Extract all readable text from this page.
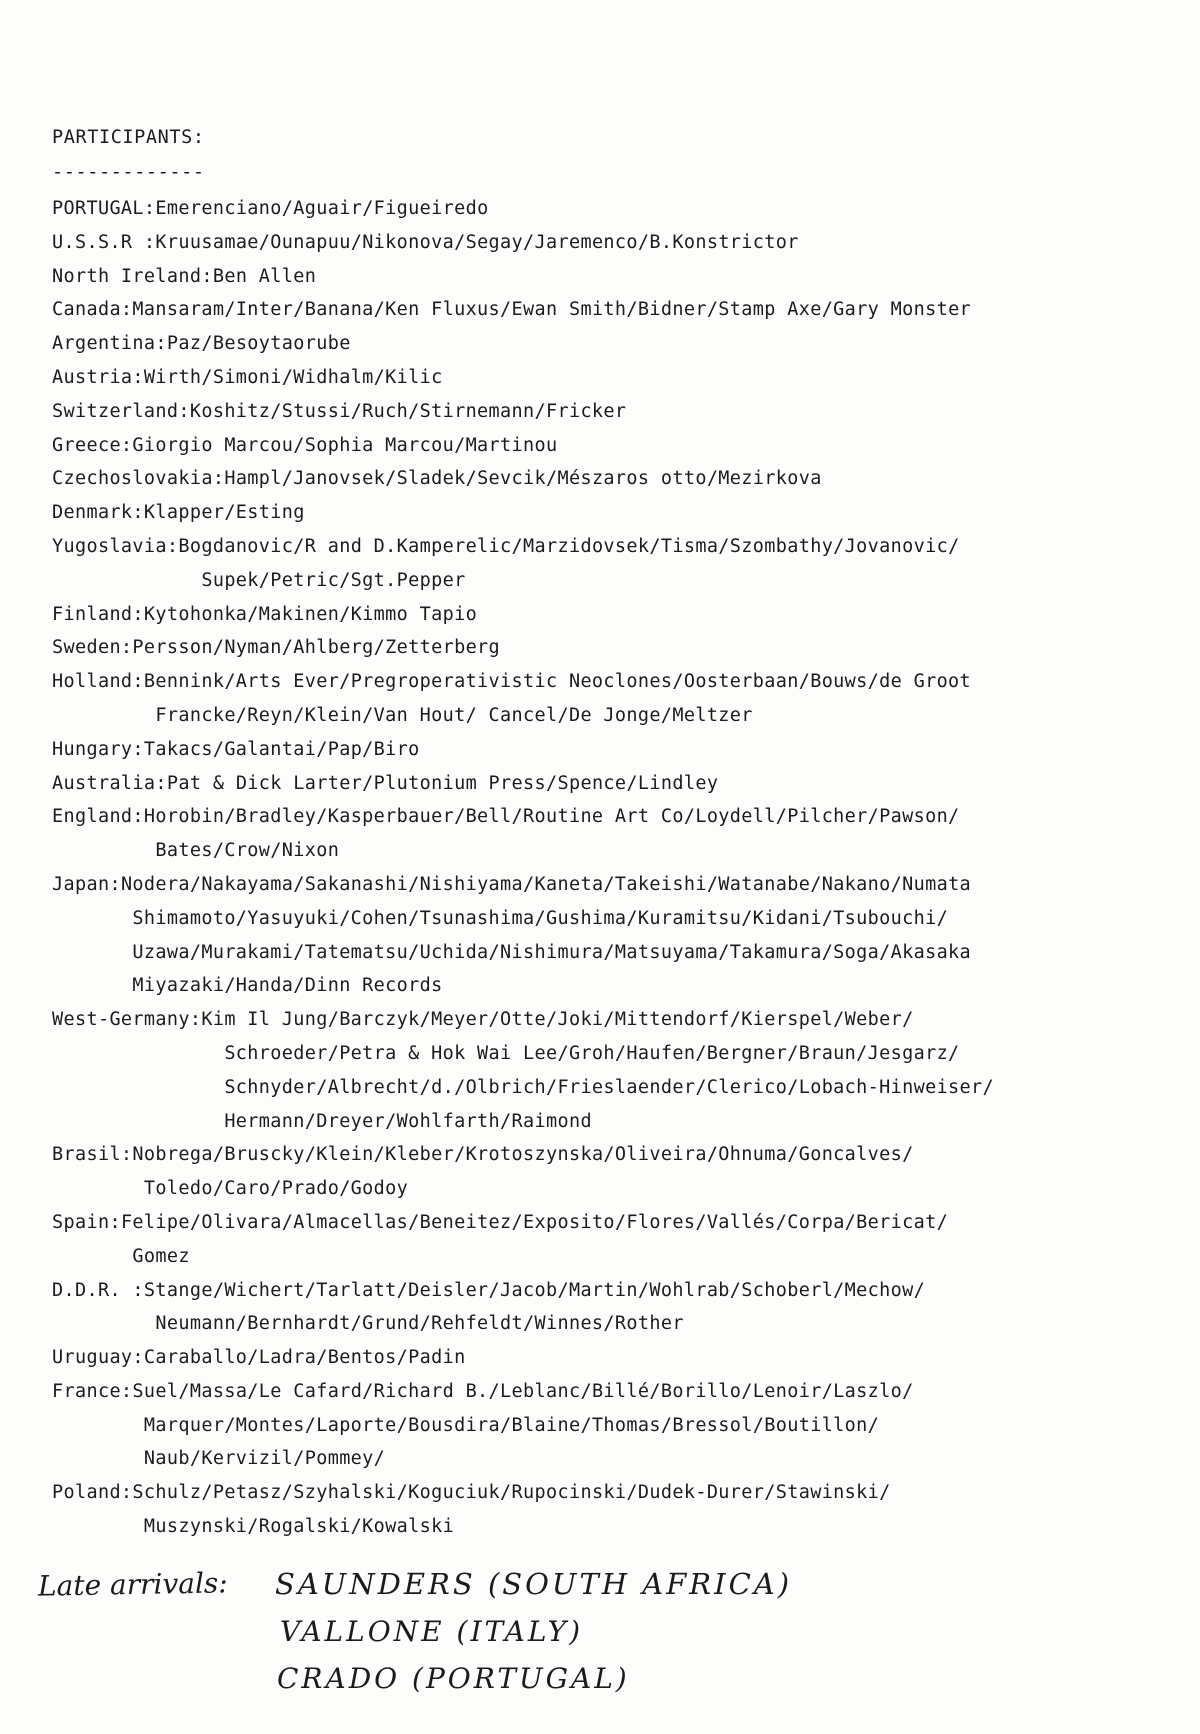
PARTICIPANTS:
-------------
PORTUGAL:Emerenciano/Aguair/Figueiredo
U.S.S.R :Kruusamae/Ounapuu/Nikonova/Segay/Jaremenco/B.Konstrictor
North Ireland:Ben Allen
Canada:Mansaram/Inter/Banana/Ken Fluxus/Ewan Smith/Bidner/Stamp Axe/Gary Monster
Argentina:Paz/Besoytaorube
Austria:Wirth/Simoni/Widhalm/Kilic
Switzerland:Koshitz/Stussi/Ruch/Stirnemann/Fricker
Greece:Giorgio Marcou/Sophia Marcou/Martinou
Czechoslovakia:Hampl/Janovsek/Sladek/Sevcik/Mészaros otto/Mezirkova
Denmark:Klapper/Esting
Yugoslavia:Bogdanovic/R and D.Kamperelic/Marzidovsek/Tisma/Szombathy/Jovanovic/
Supek/Petric/Sgt.Pepper
Finland:Kytohonka/Makinen/Kimmo Tapio
Sweden:Persson/Nyman/Ahlberg/Zetterberg
Holland:Bennink/Arts Ever/Pregroperativistic Neoclones/Oosterbaan/Bouws/de Groot
Francke/Reyn/Klein/Van Hout/ Cancel/De Jonge/Meltzer
Hungary:Takacs/Galantai/Pap/Biro
Australia:Pat & Dick Larter/Plutonium Press/Spence/Lindley
England:Horobin/Bradley/Kasperbauer/Bell/Routine Art Co/Loydell/Pilcher/Pawson/
Bates/Crow/Nixon
Japan:Nodera/Nakayama/Sakanashi/Nishiyama/Kaneta/Takeishi/Watanabe/Nakano/Numata
Shimamoto/Yasuyuki/Cohen/Tsunashima/Gushima/Kuramitsu/Kidani/Tsubouchi/
Uzawa/Murakami/Tatematsu/Uchida/Nishimura/Matsuyama/Takamura/Soga/Akasaka
Miyazaki/Handa/Dinn Records
West-Germany:Kim Il Jung/Barczyk/Meyer/Otte/Joki/Mittendorf/Kierspel/Weber/
Schroeder/Petra & Hok Wai Lee/Groh/Haufen/Bergner/Braun/Jesgarz/
Schnyder/Albrecht/d./Olbrich/Frieslaender/Clerico/Lobach-Hinweiser/
Hermann/Dreyer/Wohlfarth/Raimond
Brasil:Nobrega/Bruscky/Klein/Kleber/Krotoszynska/Oliveira/Ohnuma/Goncalves/
Toledo/Caro/Prado/Godoy
Spain:Felipe/Olivara/Almacellas/Beneitez/Exposito/Flores/Vallés/Corpa/Bericat/
Gomez
D.D.R. :Stange/Wichert/Tarlatt/Deisler/Jacob/Martin/Wohlrab/Schoberl/Mechow/
Neumann/Bernhardt/Grund/Rehfeldt/Winnes/Rother
Uruguay:Caraballo/Ladra/Bentos/Padin
France:Suel/Massa/Le Cafard/Richard B./Leblanc/Billé/Borillo/Lenoir/Laszlo/
Marquer/Montes/Laporte/Bousdira/Blaine/Thomas/Bressol/Boutillon/
Naub/Kervizil/Pommey/
Poland:Schulz/Petasz/Szyhalski/Koguciuk/Rupocinski/Dudek-Durer/Stawinski/
Muszynski/Rogalski/Kowalski
Late arrivals: SAUNDERS (SOUTH AFRICA)
VALLONE (ITALY)
CRADO (PORTUGAL)
